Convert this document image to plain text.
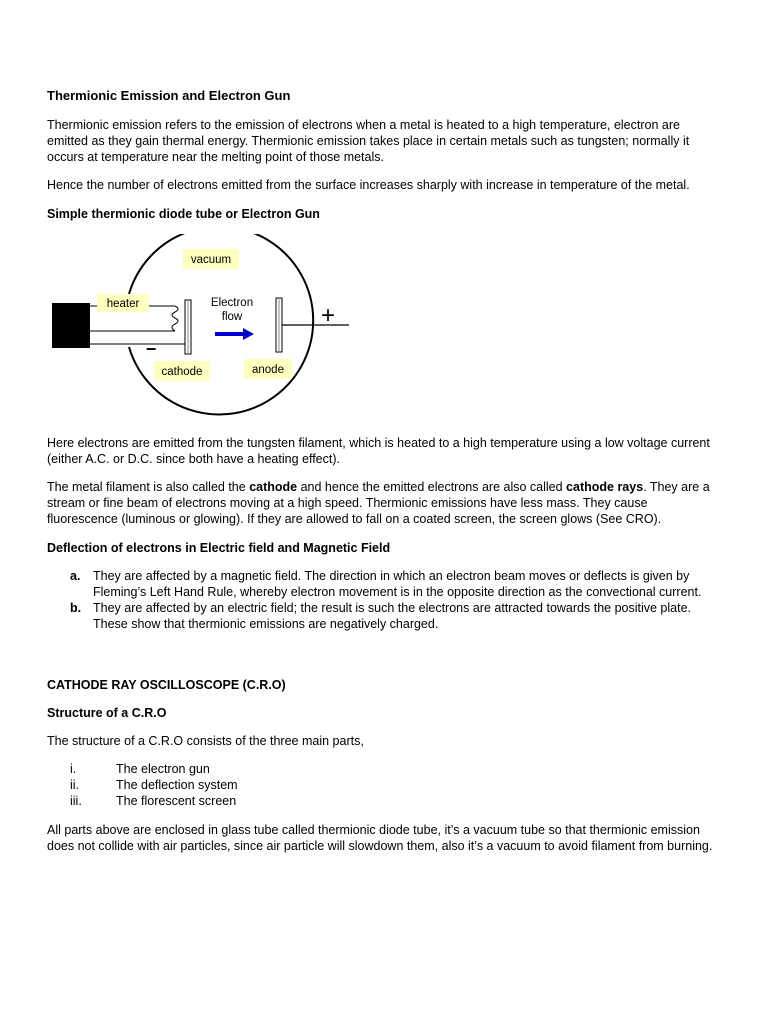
Thermionic Emission and Electron Gun

Thermionic emission refers to the emission of electrons when a metal is heated to a high temperature, electron are emitted as they gain thermal energy. Thermionic emission takes place in certain metals such as tungsten; normally it occurs at temperature near the melting point of those metals.

Hence the number of electrons emitted from the surface increases sharply with increase in temperature of the metal.

Simple thermionic diode tube or Electron Gun

Here electrons are emitted from the tungsten filament, which is heated to a high temperature using a low voltage current (either A.C. or D.C. since both have a heating effect).

The metal filament is also called the cathode and hence the emitted electrons are also called cathode rays. They are a stream or fine beam of electrons moving at a high speed. Thermionic emissions have less mass. They cause fluorescence (luminous or glowing). If they are allowed to fall on a coated screen, the screen glows (See CRO).

Deflection of electrons in Electric field and Magnetic Field
a. They are affected by a magnetic field. The direction in which an electron beam moves or deflects is given by Fleming’s Left Hand Rule, whereby electron movement is in the opposite direction as the convectional current.
b. They are affected by an electric field; the result is such the electrons are attracted towards the positive plate. These show that thermionic emissions are negatively charged.
CATHODE RAY OSCILLOSCOPE (C.R.O)
Structure of a C.R.O

The structure of a C.R.O consists of the three main parts,

i.	The electron gun
ii.	The deflection system
iii.	The florescent screen

All parts above are enclosed in glass tube called thermionic diode tube, it’s a vacuum tube so that thermionic emission does not collide with air particles, since air particle will slowdown them, also it’s a vacuum to avoid filament from burning.

vacuum
heater	Electron
flow
cathode	anode
−
+
